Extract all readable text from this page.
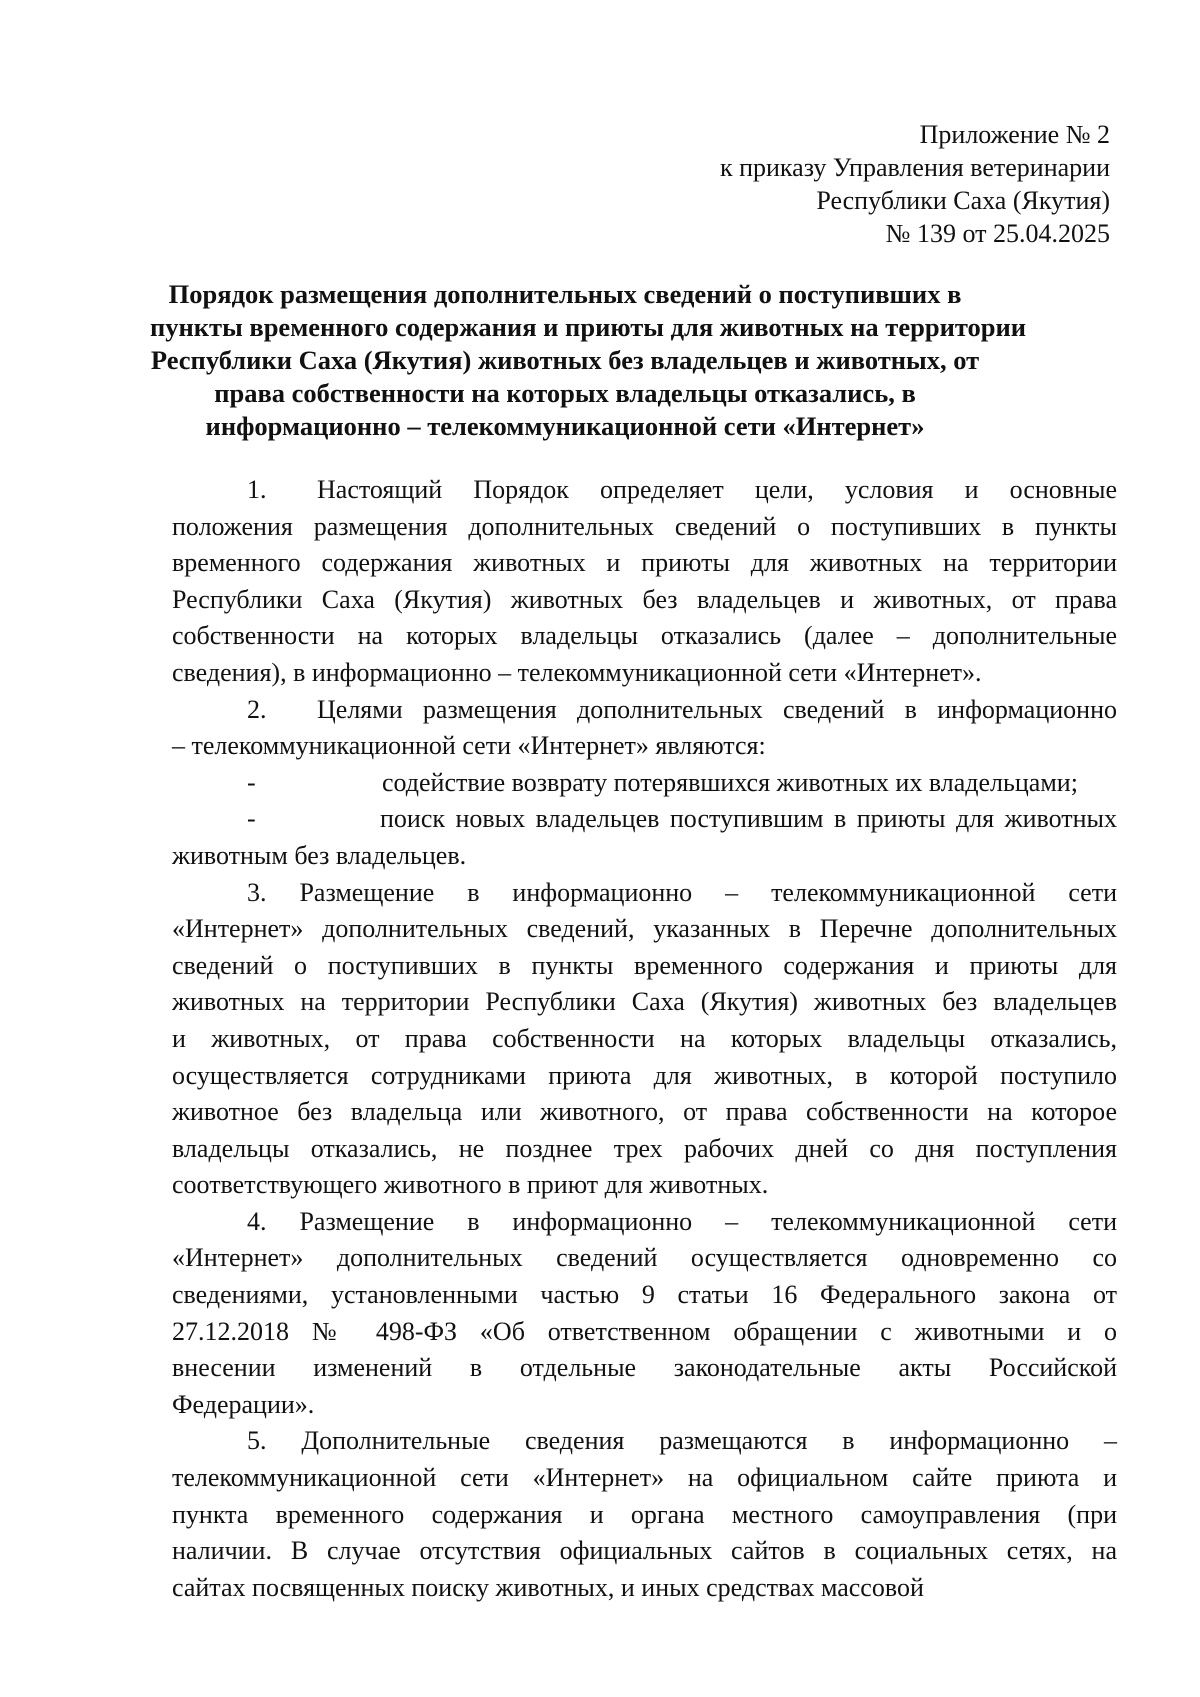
Приложение № 2
к приказу Управления ветеринарии
Республики Саха (Якутия)
№ 139 от 25.04.2025
Порядок размещения дополнительных сведений о поступивших в
пункты временного содержания и приюты для животных на территории
Республики Саха (Якутия) животных без владельцев и животных, от
права собственности на которых владельцы отказались, в
информационно – телекоммуникационной сети «Интернет»
1. Настоящий Порядок определяет цели, условия и основные
положения размещения дополнительных сведений о поступивших в пункты
временного содержания животных и приюты для животных на территории
Республики Саха (Якутия) животных без владельцев и животных, от права
собственности на которых владельцы отказались (далее – дополнительные
сведения), в информационно – телекоммуникационной сети «Интернет».
2. Целями размещения дополнительных сведений в информационно
– телекоммуникационной сети «Интернет» являются:
-	содействие возврату потерявшихся животных их владельцами;
-	поиск новых владельцев поступившим в приюты для животных
животным без владельцев.
3. Размещение в информационно – телекоммуникационной сети
«Интернет» дополнительных сведений, указанных в Перечне дополнительных
сведений о поступивших в пункты временного содержания и приюты для
животных на территории Республики Саха (Якутия) животных без владельцев
и животных, от права собственности на которых владельцы отказались,
осуществляется сотрудниками приюта для животных, в которой поступило
животное без владельца или животного, от права собственности на которое
владельцы отказались, не позднее трех рабочих дней со дня поступления
соответствующего животного в приют для животных.
4. Размещение в информационно – телекоммуникационной сети
«Интернет» дополнительных сведений осуществляется одновременно со
сведениями, установленными частью 9 статьи 16 Федерального закона от
27.12.2018 № 498-ФЗ «Об ответственном обращении с животными и о
внесении изменений в отдельные законодательные акты Российской
Федерации».
5. Дополнительные сведения размещаются в информационно –
телекоммуникационной сети «Интернет» на официальном сайте приюта и
пункта временного содержания и органа местного самоуправления (при
наличии. В случае отсутствия официальных сайтов в социальных сетях, на
сайтах посвященных поиску животных, и иных средствах массовой
